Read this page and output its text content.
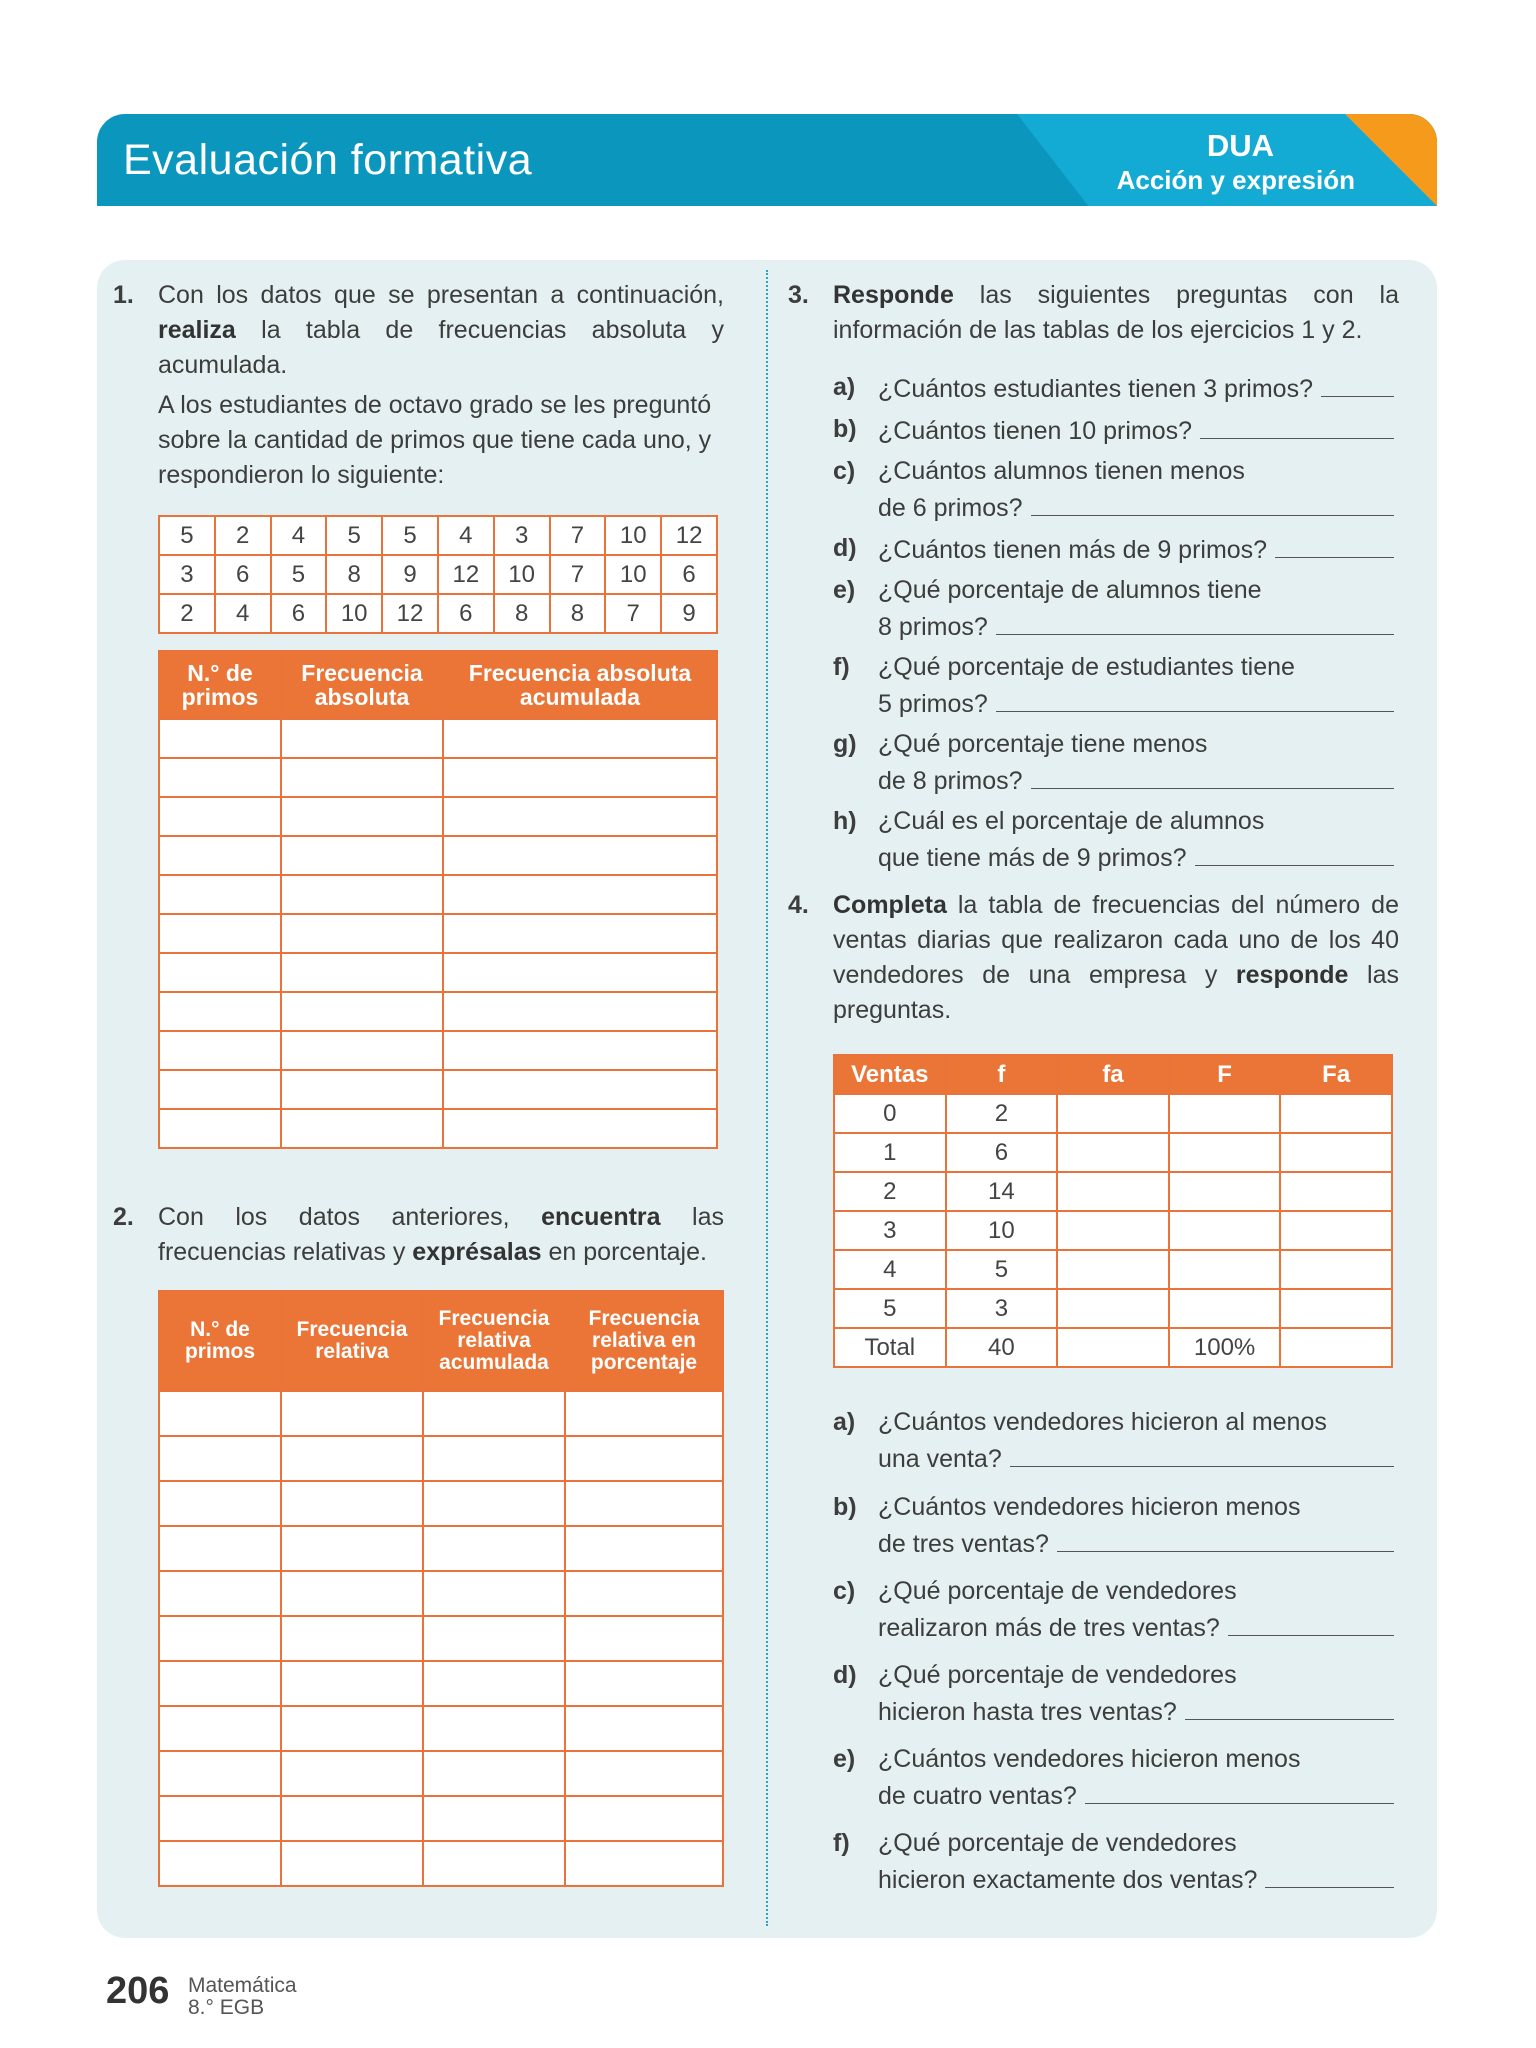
Evaluación formativa	DUA
Acción y expresión
1. Con los datos que se presentan a continuación, realiza la tabla de frecuencias absoluta y acumulada.
A los estudiantes de octavo grado se les preguntó sobre la cantidad de primos que tiene cada uno, y respondieron lo siguiente:
5	2	4	5	5	4	3	7	10	12
3	6	5	8	9	12	10	7	10	6
2	4	6	10	12	6	8	8	7	9
N.° de primos	Frecuencia absoluta	Frecuencia absoluta acumulada

2. Con los datos anteriores, encuentra las frecuencias relativas y exprésalas en porcentaje.
N.° de primos	Frecuencia relativa	Frecuencia relativa acumulada	Frecuencia relativa en porcentaje

3. Responde las siguientes preguntas con la información de las tablas de los ejercicios 1 y 2.
a) ¿Cuántos estudiantes tienen 3 primos?
b) ¿Cuántos tienen 10 primos?
c) ¿Cuántos alumnos tienen menos
de 6 primos?
d) ¿Cuántos tienen más de 9 primos?
e) ¿Qué porcentaje de alumnos tiene
8 primos?
f) ¿Qué porcentaje de estudiantes tiene
5 primos?
g) ¿Qué porcentaje tiene menos
de 8 primos?
h) ¿Cuál es el porcentaje de alumnos
que tiene más de 9 primos?
4. Completa la tabla de frecuencias del número de ventas diarias que realizaron cada uno de los 40 vendedores de una empresa y responde las preguntas.
Ventas	f	fa	F	Fa
0	2			
1	6			
2	14			
3	10			
4	5			
5	3			
Total	40		100%	
a) ¿Cuántos vendedores hicieron al menos
una venta?
b) ¿Cuántos vendedores hicieron menos
de tres ventas?
c) ¿Qué porcentaje de vendedores
realizaron más de tres ventas?
d) ¿Qué porcentaje de vendedores
hicieron hasta tres ventas?
e) ¿Cuántos vendedores hicieron menos
de cuatro ventas?
f) ¿Qué porcentaje de vendedores
hicieron exactamente dos ventas?
206 Matemática
8.° EGB
